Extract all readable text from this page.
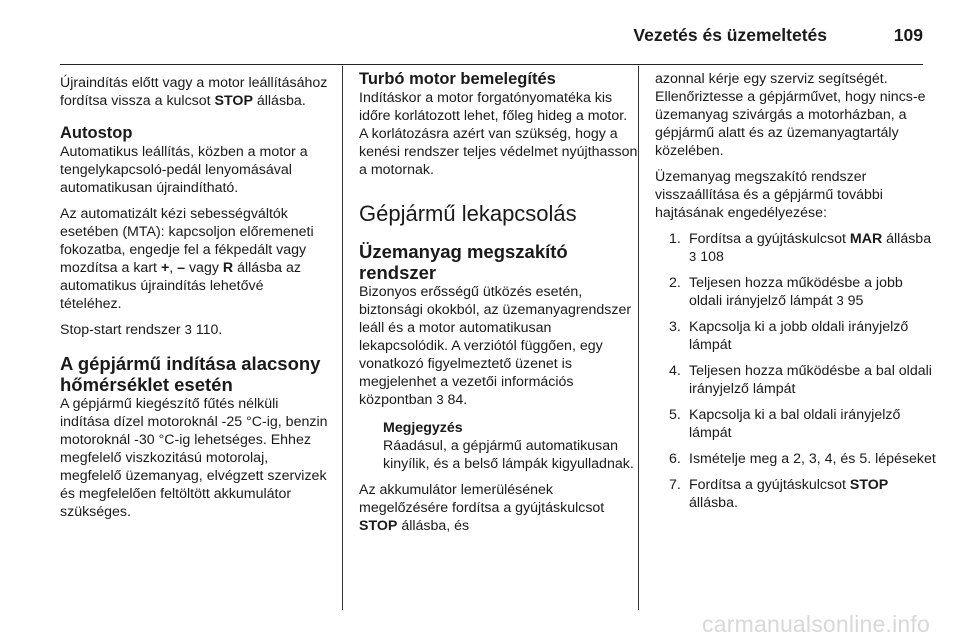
Vezetés és üzemeltetés	109

Újraindítás előtt vagy a motor leállításához fordítsa vissza a kulcsot STOP állásba.

Autostop

Automatikus leállítás, közben a motor a tengelykapcsoló-pedál lenyomásával automatikusan újraindítható.

Az automatizált kézi sebességváltók esetében (MTA): kapcsoljon előremeneti fokozatba, engedje fel a fékpedált vagy mozdítsa a kart +, – vagy R állásba az automatikus újraindítás lehetővé tételéhez.

Stop-start rendszer 3 110.

A gépjármű indítása alacsony hőmérséklet esetén

A gépjármű kiegészítő fűtés nélküli indítása dízel motoroknál -25 °C-ig, benzin motoroknál -30 °C-ig lehetséges. Ehhez megfelelő viszkozitású motorolaj, megfelelő üzemanyag, elvégzett szervizek és megfelelően feltöltött akkumulátor szükséges.

Turbó motor bemelegítés

Indításkor a motor forgatónyomatéka kis időre korlátozott lehet, főleg hideg a motor. A korlátozásra azért van szükség, hogy a kenési rendszer teljes védelmet nyújthasson a motornak.

Gépjármű lekapcsolás
Üzemanyag megszakító rendszer

Bizonyos erősségű ütközés esetén, biztonsági okokból, az üzemanyagrendszer leáll és a motor automatikusan lekapcsolódik. A verziótól függően, egy vonatkozó figyelmeztető üzenet is megjelenhet a vezetői információs központban 3 84.

Megjegyzés

Ráadásul, a gépjármű automatikusan kinyílik, és a belső lámpák kigyulladnak.

Az akkumulátor lemerülésének megelőzésére fordítsa a gyújtáskulcsot STOP állásba, és

azonnal kérje egy szerviz segítségét. Ellenőriztesse a gépjárművet, hogy nincs-e üzemanyag szivárgás a motorházban, a gépjármű alatt és az üzemanyagtartály közelében.

Üzemanyag megszakító rendszer visszaállítása és a gépjármű további hajtásának engedélyezése:

1. Fordítsa a gyújtáskulcsot MAR állásba 3 108
2. Teljesen hozza működésbe a jobb oldali irányjelző lámpát 3 95
3. Kapcsolja ki a jobb oldali irányjelző lámpát
4. Teljesen hozza működésbe a bal oldali irányjelző lámpát
5. Kapcsolja ki a bal oldali irányjelző lámpát
6. Ismételje meg a 2, 3, 4, és 5. lépéseket
7. Fordítsa a gyújtáskulcsot STOP állásba.
carmanualsonline.info
